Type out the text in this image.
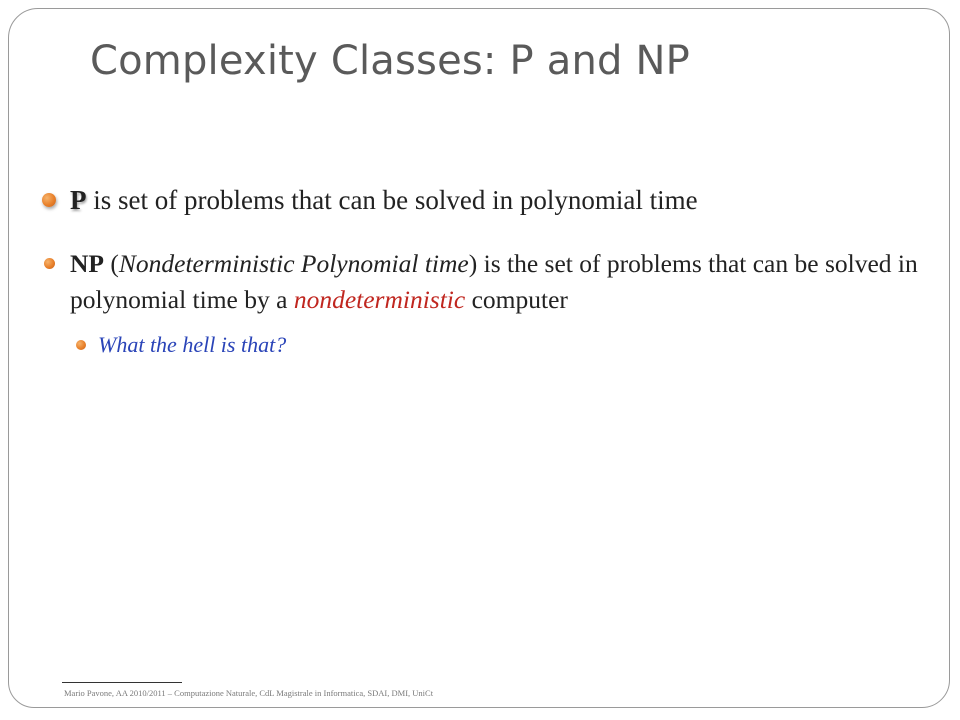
Complexity Classes: P and NP
P is set of problems that can be solved in polynomial time
NP (Nondeterministic Polynomial time) is the set of problems that can be solved in polynomial time by a nondeterministic computer
What the hell is that?
Mario Pavone, AA 2010/2011 – Computazione Naturale, CdL Magistrale in Informatica, SDAI, DMI, UniCt
